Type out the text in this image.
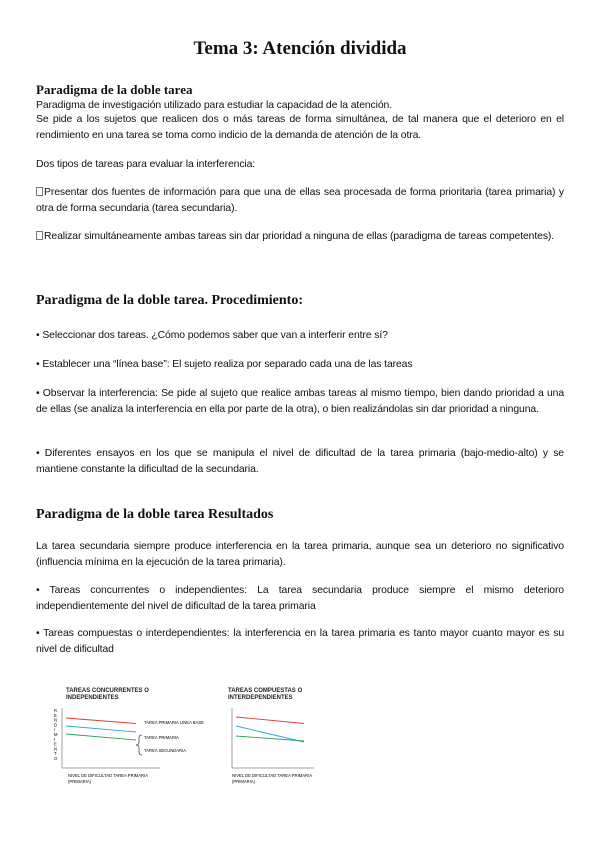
Tema 3: Atención dividida
Paradigma de la doble tarea
Paradigma de investigación utilizado para estudiar la capacidad de la atención.
Se pide a los sujetos que realicen dos o más tareas de forma simultánea, de tal manera que el deterioro en el rendimiento en una tarea se toma como indicio de la demanda de atención de la otra.
Dos tipos de tareas para evaluar la interferencia:
Presentar dos fuentes de información para que una de ellas sea procesada de forma prioritaria (tarea primaria) y otra de forma secundaria (tarea secundaria).
Realizar simultáneamente ambas tareas sin dar prioridad a ninguna de ellas (paradigma de tareas competentes).
Paradigma de la doble tarea. Procedimiento:
• Seleccionar dos tareas. ¿Cómo podemos saber que van a interferir entre sí?
• Establecer una “línea base”: El sujeto realiza por separado cada una de las tareas
• Observar la interferencia: Se pide al sujeto que realice ambas tareas al mismo tiempo, bien dando prioridad a una de ellas (se analiza la interferencia en ella por parte de la otra), o bien realizándolas sin dar prioridad a ninguna.
• Diferentes ensayos en los que se manipula el nivel de dificultad de la tarea primaria (bajo-medio-alto) y se mantiene constante la dificultad de la secundaria.
Paradigma de la doble tarea Resultados
La tarea secundaria siempre produce interferencia en la tarea primaria, aunque sea un deterioro no significativo (influencia mínima en la ejecución de la tarea primaria).
• Tareas concurrentes o independientes: La tarea secundaria produce siempre el mismo deterioro independientemente del nivel de dificultad de la tarea primaria
• Tareas compuestas o interdependientes: la interferencia en la tarea primaria es tanto mayor cuanto mayor es su nivel de dificultad
TAREAS CONCURRENTES O INDEPENDIENTES
TAREA PRIMARIA LINEA BASE
TAREA PRIMARIA
TAREA SECUNDARIA
NIVEL DE DIFICULTAD TAREA PRIMARIA
(PRIMARIA)
R E N D I M I E N T O
TAREAS COMPUESTAS O INTERDEPENDIENTES
NIVEL DE DIFICULTAD TAREA PRIMARIA
(PRIMARIA)
